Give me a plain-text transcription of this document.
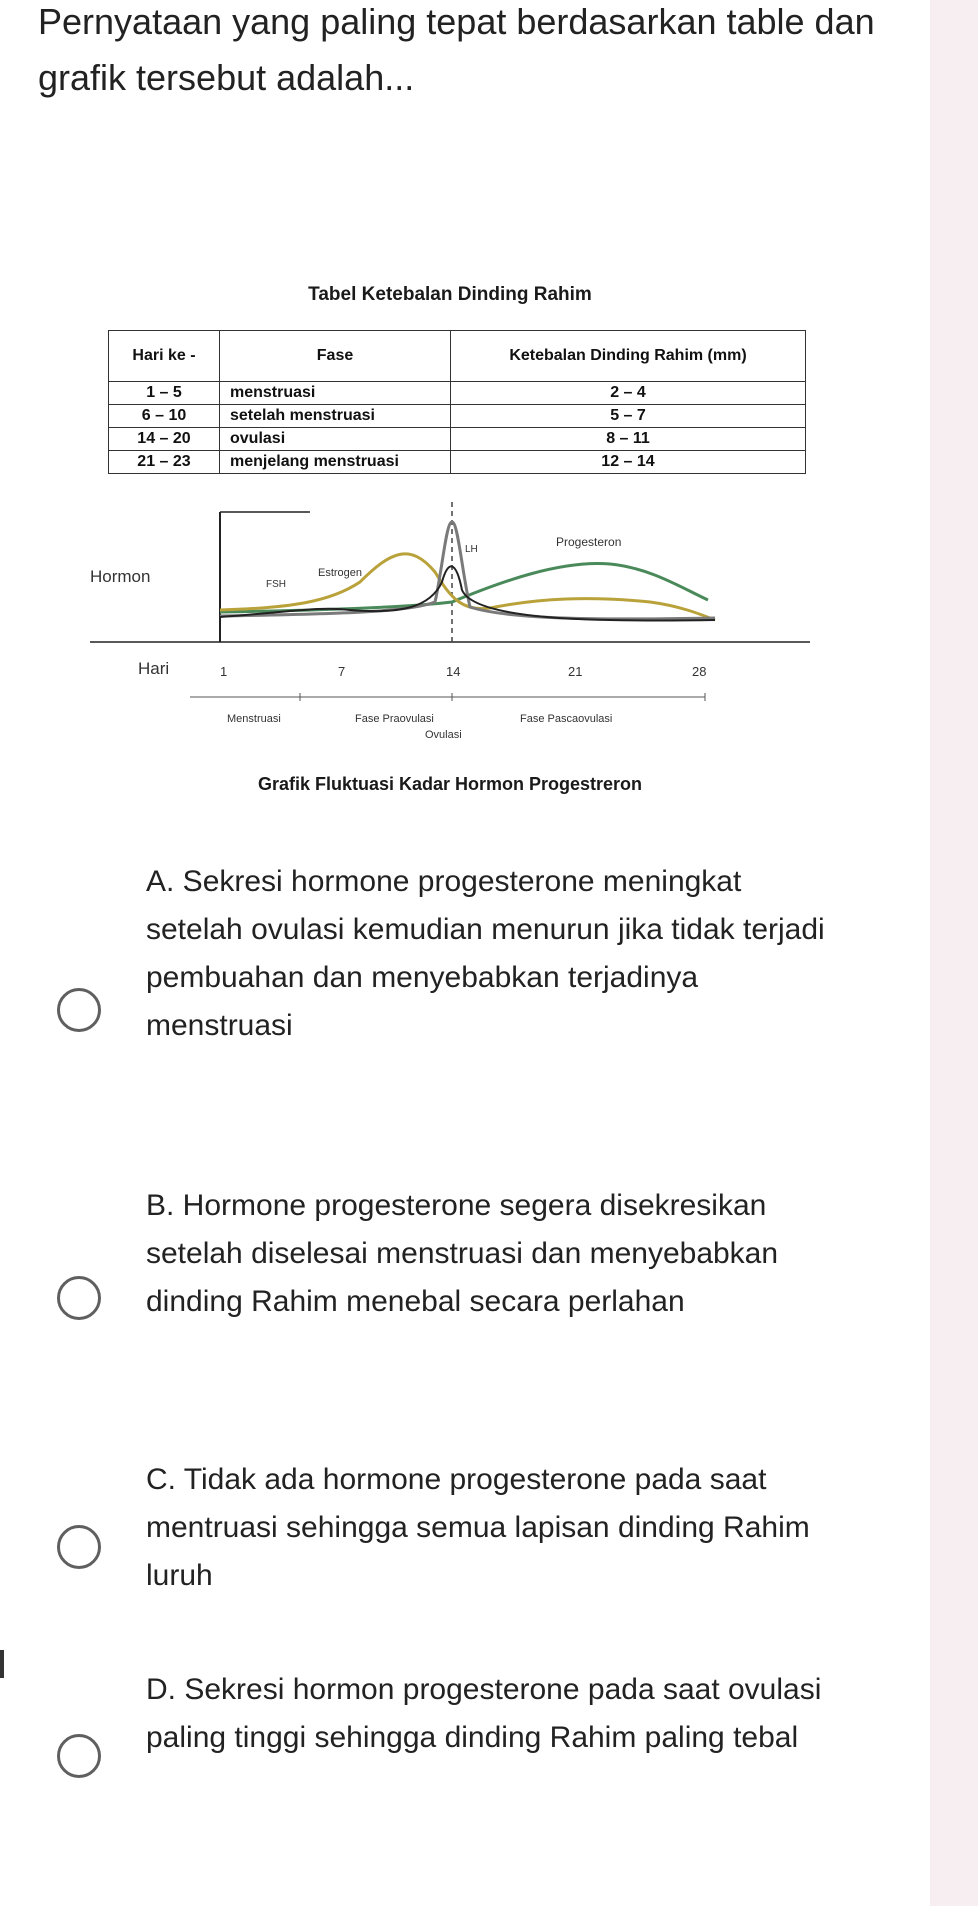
Pernyataan yang paling tepat berdasarkan table dan grafik tersebut adalah...

Tabel Ketebalan Dinding Rahim
Hari ke -	Fase	Ketebalan Dinding Rahim (mm)
1 – 5	menstruasi	2 – 4
6 – 10	setelah menstruasi	5 – 7
14 – 20	ovulasi	8 – 11
21 – 23	menjelang menstruasi	12 – 14
Hormon
Hari	1	7	14	21	28
LH
FSH
Estrogen
Progesteron
Menstruasi	Fase Praovulasi
Ovulasi
Fase Pascaovulasi
Grafik Fluktuasi Kadar Hormon Progestreron
A. Sekresi hormone progesterone meningkat setelah ovulasi kemudian menurun jika tidak terjadi pembuahan dan menyebabkan terjadinya menstruasi
B. Hormone progesterone segera disekresikan setelah diselesai menstruasi dan menyebabkan dinding Rahim menebal secara perlahan
C. Tidak ada hormone progesterone pada saat mentruasi sehingga semua lapisan dinding Rahim luruh
D. Sekresi hormon progesterone pada saat ovulasi paling tinggi sehingga dinding Rahim paling tebal
